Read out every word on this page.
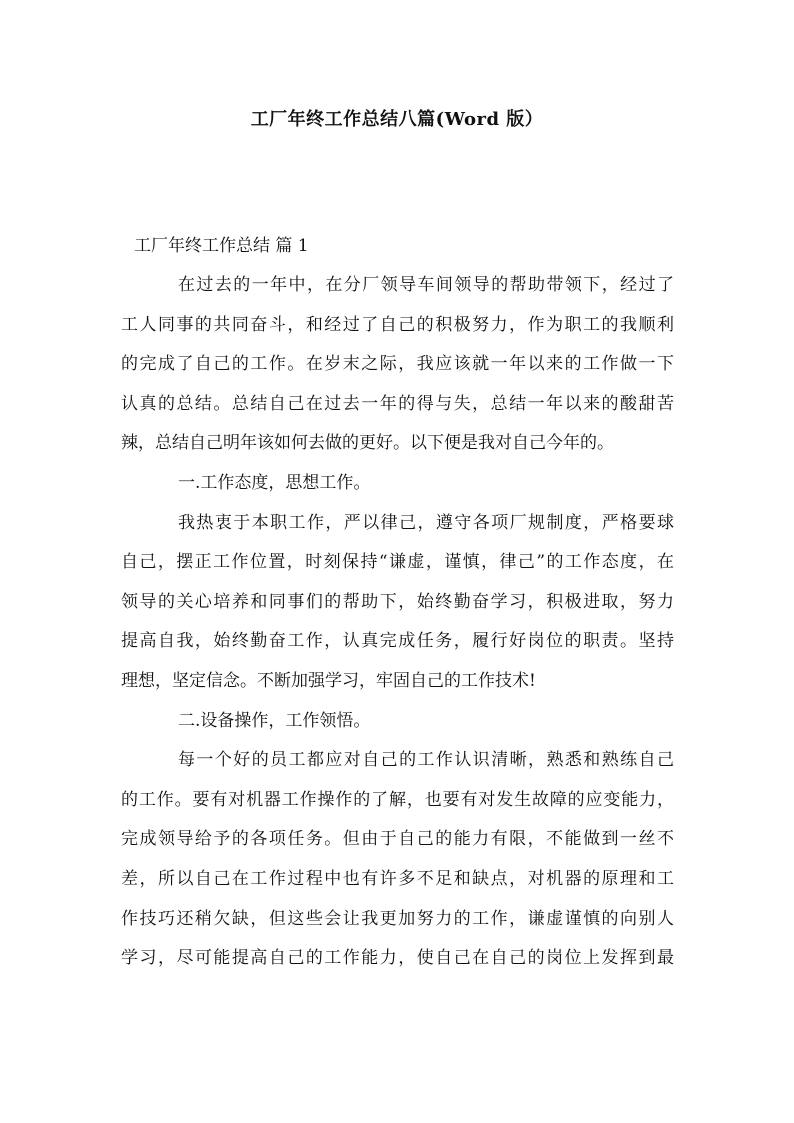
工厂年终工作总结八篇(Word 版）
工厂年终工作总结 篇 1
在过去的一年中，在分厂领导车间领导的帮助带领下，经过了
工人同事的共同奋斗，和经过了自己的积极努力，作为职工的我顺利
的完成了自己的工作。在岁末之际，我应该就一年以来的工作做一下
认真的总结。总结自己在过去一年的得与失，总结一年以来的酸甜苦
辣，总结自己明年该如何去做的更好。以下便是我对自己今年的。
一.工作态度，思想工作。
我热衷于本职工作，严以律己，遵守各项厂规制度，严格要球
自己，摆正工作位置，时刻保持“谦虚，谨慎，律己”的工作态度，在
领导的关心培养和同事们的帮助下，始终勤奋学习，积极进取，努力
提高自我，始终勤奋工作，认真完成任务，履行好岗位的职责。坚持
理想，坚定信念。不断加强学习，牢固自己的工作技术!
二.设备操作，工作领悟。
每一个好的员工都应对自己的工作认识清晰，熟悉和熟练自己
的工作。要有对机器工作操作的了解，也要有对发生故障的应变能力，
完成领导给予的各项任务。但由于自己的能力有限，不能做到一丝不
差，所以自己在工作过程中也有许多不足和缺点，对机器的原理和工
作技巧还稍欠缺，但这些会让我更加努力的工作，谦虚谨慎的向别人
学习，尽可能提高自己的工作能力，使自己在自己的岗位上发挥到最
